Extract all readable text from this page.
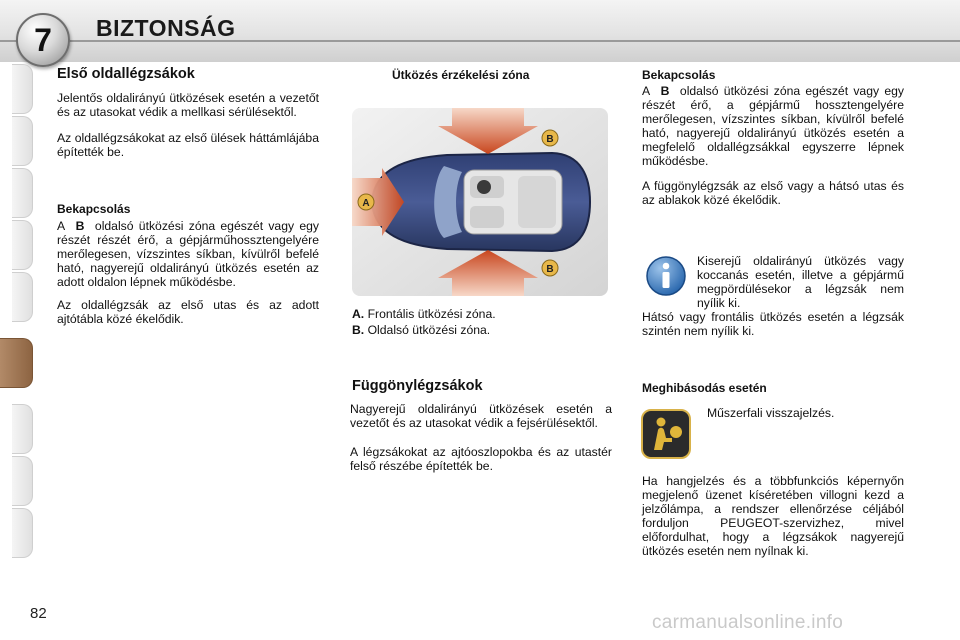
7 BIZTONSÁG
Első oldallégzsákok

Jelentős oldalirányú ütközések esetén a vezetőt és az utasokat védik a mellkasi sérülésektől.

Az oldallégzsákokat az első ülések háttámlájába építették be.

Bekapcsolás

A B oldalsó ütközési zóna egészét vagy egy részét részét érő, a gépjárműhossztengelyére merőlegesen, vízszintes síkban, kívülről befelé ható, nagyerejű oldalirányú ütközés esetén az adott oldalon lépnek működésbe.

Az oldallégzsák az első utas és az adott ajtótábla közé ékelődik.

Ütközés érzékelési zóna
A
B
B

A. Frontális ütközési zóna.

B. Oldalsó ütközési zóna.

Függönylégzsákok

Nagyerejű oldalirányú ütközések esetén a vezetőt és az utasokat védik a fejsérülésektől.

A légzsákokat az ajtóoszlopokba és az utastér felső részébe építették be.

Bekapcsolás

A B oldalsó ütközési zóna egészét vagy egy részét érő, a gépjármű hossztengelyére merőlegesen, vízszintes síkban, kívülről befelé ható, nagyerejű oldalirányú ütközés esetén a megfelelő oldallégzsákkal egyszerre lépnek működésbe.

A függönylégzsák az első vagy a hátsó utas és az ablakok közé ékelődik.

Kiserejű oldalirányú ütközés vagy koccanás esetén, illetve a gépjármű megpördülésekor a légzsák nem nyílik ki.

Hátsó vagy frontális ütközés esetén a légzsák szintén nem nyílik ki.

Meghibásodás esetén
Műszerfali visszajelzés.

Ha hangjelzés és a többfunkciós képernyőn megjelenő üzenet kíséretében villogni kezd a jelzőlámpa, a rendszer ellenőrzése céljából forduljon PEUGEOT-szervizhez, mivel előfordulhat, hogy a légzsákok nagyerejű ütközés esetén nem nyílnak ki.

82	carmanualsonline.info
